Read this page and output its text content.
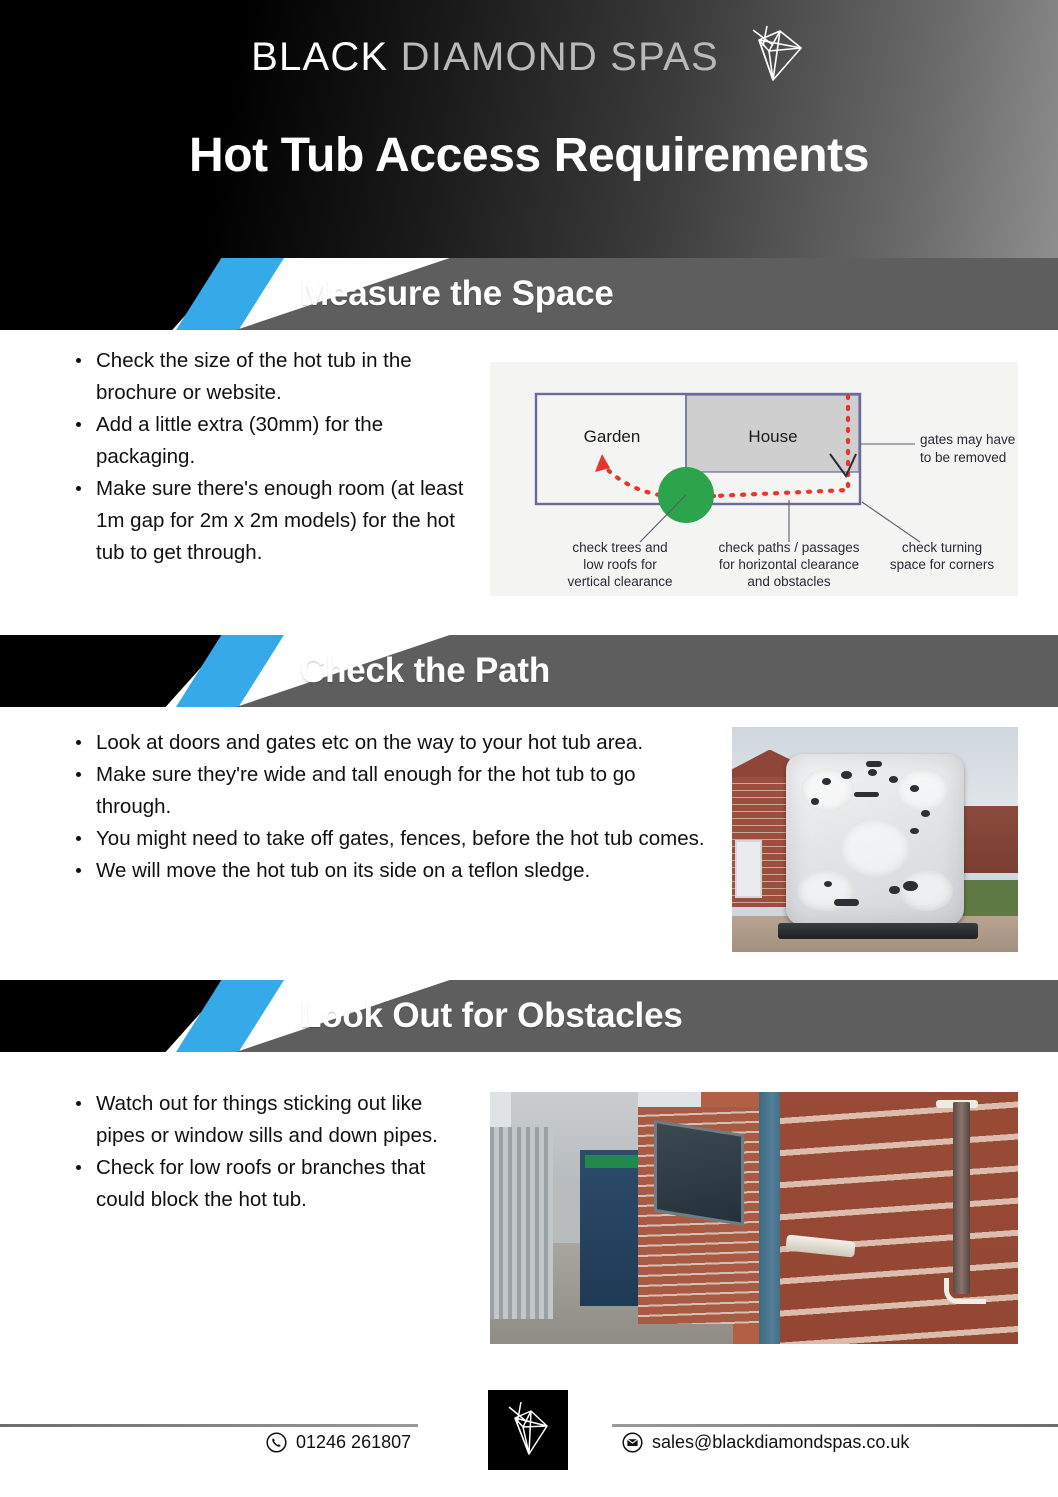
BLACK DIAMOND SPAS
Hot Tub Access Requirements
Measure the Space
Check the size of the hot tub in the brochure or website.
Add a little extra (30mm) for the packaging.
Make sure there's enough room (at least 1m gap for 2m x 2m models) for the hot tub to get through.
Garden	House	gates may have
to be removed
check trees and
low roofs for
vertical clearance
check paths / passages
for horizontal clearance
and obstacles
check turning
space for corners
Check the Path
Look at doors and gates etc on the way to your hot tub area.
Make sure they're wide and tall enough for the hot tub to go through.
You might need to take off gates, fences, before the hot tub comes.
We will move the hot tub on its side on a teflon sledge.
Look Out for Obstacles
Watch out for things sticking out like pipes or window sills and down pipes.
Check for low roofs or branches that could block the hot tub.
01246 261807	sales@blackdiamondspas.co.uk
